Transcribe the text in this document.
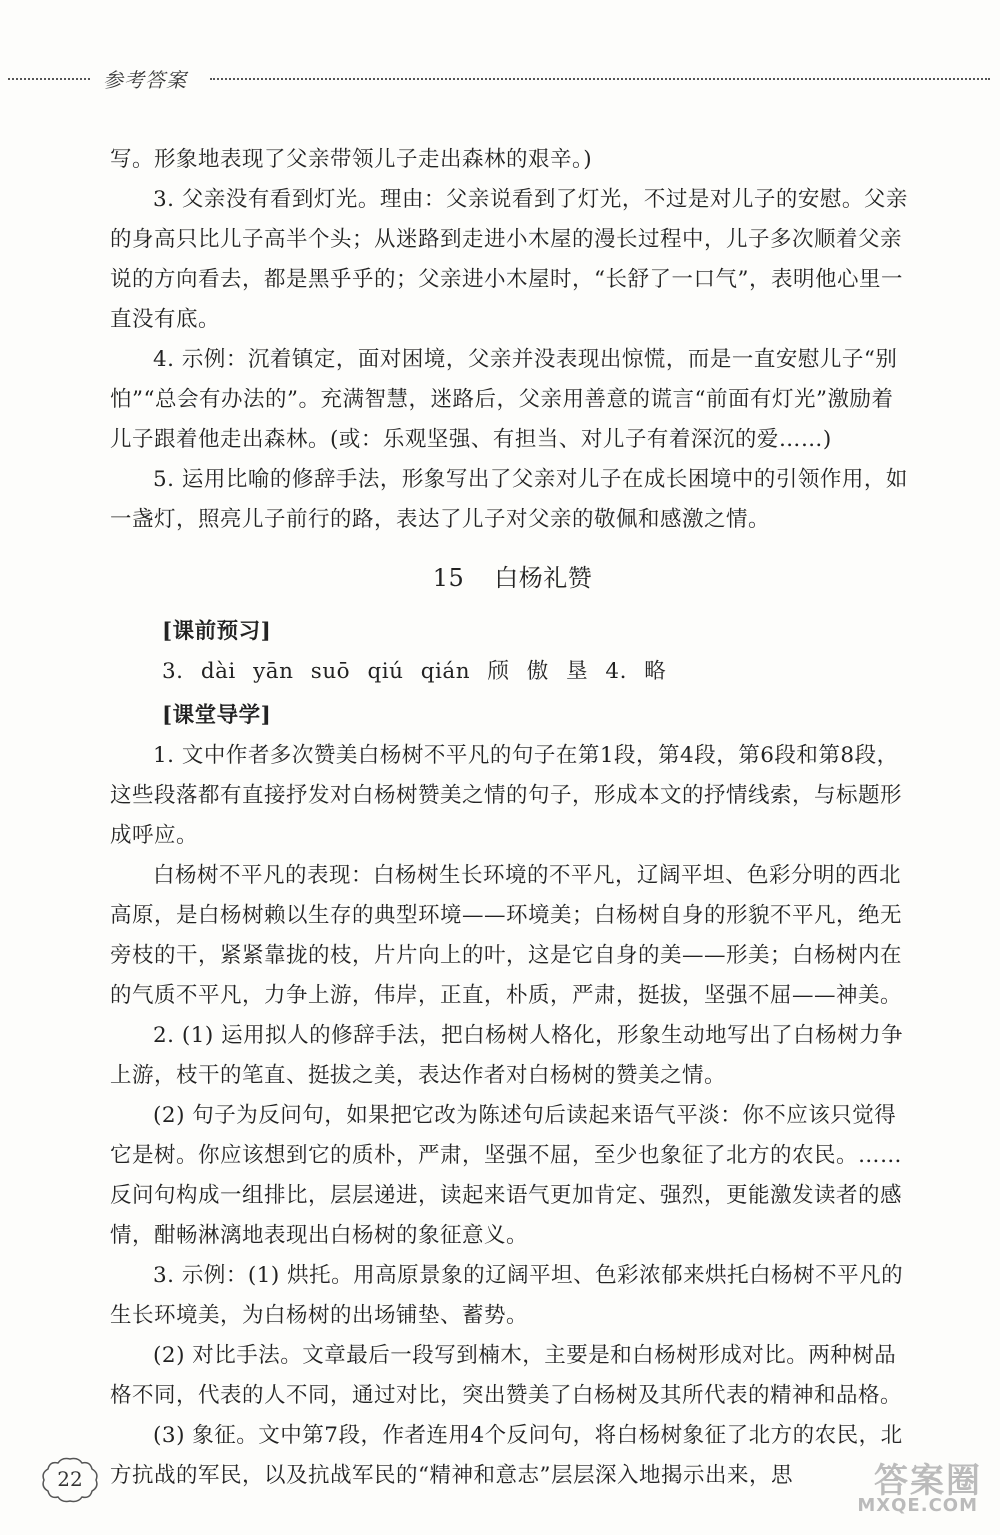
参考答案

写。形象地表现了父亲带领儿子走出森林的艰辛。)

3. 父亲没有看到灯光。理由：父亲说看到了灯光，不过是对儿子的安慰。父亲的身高只比儿子高半个头；从迷路到走进小木屋的漫长过程中，儿子多次顺着父亲说的方向看去，都是黑乎乎的；父亲进小木屋时，“长舒了一口气”，表明他心里一直没有底。

4. 示例：沉着镇定，面对困境，父亲并没表现出惊慌，而是一直安慰儿子“别怕”“总会有办法的”。充满智慧，迷路后，父亲用善意的谎言“前面有灯光”激励着儿子跟着他走出森林。(或：乐观坚强、有担当、对儿子有着深沉的爱……)

5. 运用比喻的修辞手法，形象写出了父亲对儿子在成长困境中的引领作用，如一盏灯，照亮儿子前行的路，表达了儿子对父亲的敬佩和感激之情。

15 白杨礼赞
[课前预习]
3. dài yān suō qiú qián 颀 傲 垦 4. 略
[课堂导学]

1. 文中作者多次赞美白杨树不平凡的句子在第1段，第4段，第6段和第8段，这些段落都有直接抒发对白杨树赞美之情的句子，形成本文的抒情线索，与标题形成呼应。

白杨树不平凡的表现：白杨树生长环境的不平凡，辽阔平坦、色彩分明的西北高原，是白杨树赖以生存的典型环境——环境美；白杨树自身的形貌不平凡，绝无旁枝的干，紧紧靠拢的枝，片片向上的叶，这是它自身的美——形美；白杨树内在的气质不平凡，力争上游，伟岸，正直，朴质，严肃，挺拔，坚强不屈——神美。

2. (1) 运用拟人的修辞手法，把白杨树人格化，形象生动地写出了白杨树力争上游，枝干的笔直、挺拔之美，表达作者对白杨树的赞美之情。

(2) 句子为反问句，如果把它改为陈述句后读起来语气平淡：你不应该只觉得它是树。你应该想到它的质朴，严肃，坚强不屈，至少也象征了北方的农民。……反问句构成一组排比，层层递进，读起来语气更加肯定、强烈，更能激发读者的感情，酣畅淋漓地表现出白杨树的象征意义。

3. 示例：(1) 烘托。用高原景象的辽阔平坦、色彩浓郁来烘托白杨树不平凡的生长环境美，为白杨树的出场铺垫、蓄势。

(2) 对比手法。文章最后一段写到楠木，主要是和白杨树形成对比。两种树品格不同，代表的人不同，通过对比，突出赞美了白杨树及其所代表的精神和品格。

(3) 象征。文中第7段，作者连用4个反问句，将白杨树象征了北方的农民，北方抗战的军民，以及抗战军民的“精神和意志”层层深入地揭示出来，思

22	答案圈
MXQE.COM
